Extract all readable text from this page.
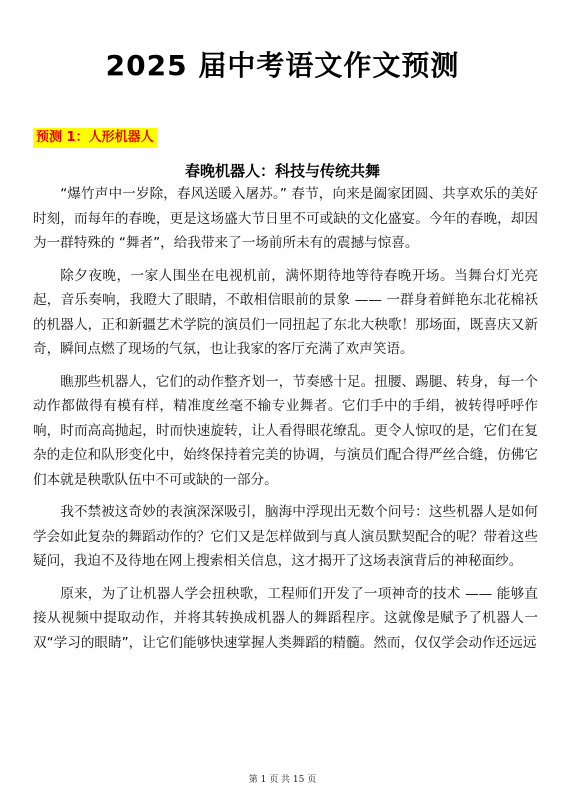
2025 届中考语文作文预测
预测 1：人形机器人
春晚机器人：科技与传统共舞

“爆竹声中一岁除，春风送暖入屠苏。” 春节，向来是阖家团圆、共享欢乐的美好时刻，而每年的春晚，更是这场盛大节日里不可或缺的文化盛宴。今年的春晚，却因为一群特殊的 “舞者”，给我带来了一场前所未有的震撼与惊喜。

除夕夜晚，一家人围坐在电视机前，满怀期待地等待春晚开场。当舞台灯光亮起，音乐奏响，我瞪大了眼睛，不敢相信眼前的景象 —— 一群身着鲜艳东北花棉袄的机器人，正和新疆艺术学院的演员们一同扭起了东北大秧歌！那场面，既喜庆又新奇，瞬间点燃了现场的气氛，也让我家的客厅充满了欢声笑语。

瞧那些机器人，它们的动作整齐划一，节奏感十足。扭腰、踢腿、转身，每一个动作都做得有模有样，精准度丝毫不输专业舞者。它们手中的手绢，被转得呼呼作响，时而高高抛起，时而快速旋转，让人看得眼花缭乱。更令人惊叹的是，它们在复杂的走位和队形变化中，始终保持着完美的协调，与演员们配合得严丝合缝，仿佛它们本就是秧歌队伍中不可或缺的一部分。

我不禁被这奇妙的表演深深吸引，脑海中浮现出无数个问号：这些机器人是如何学会如此复杂的舞蹈动作的？它们又是怎样做到与真人演员默契配合的呢？带着这些疑问，我迫不及待地在网上搜索相关信息，这才揭开了这场表演背后的神秘面纱。

原来，为了让机器人学会扭秧歌，工程师们开发了一项神奇的技术 —— 能够直接从视频中提取动作，并将其转换成机器人的舞蹈程序。这就像是赋予了机器人一双“学习的眼睛”，让它们能够快速掌握人类舞蹈的精髓。然而，仅仅学会动作还远远

第 1 页 共 15 页
